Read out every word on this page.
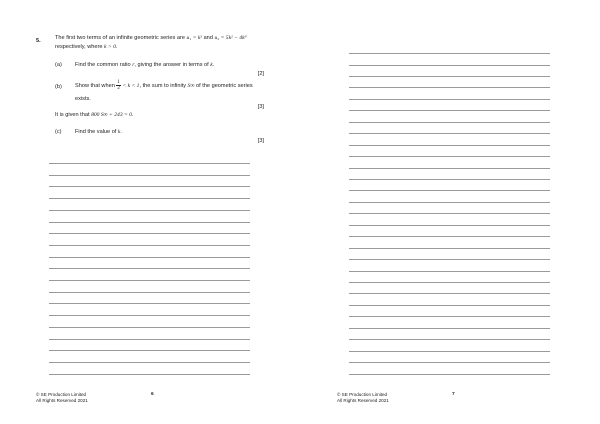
5.	The first two terms of an infinite geometric series are u₁ = k² and u₂ = 5k² − 4k³
respectively, where k > 0.
(a) Find the common ratio r, giving the answer in terms of k.
[2]
(b) Show that when $\frac{1}{2} < k < 1$, the sum to infinity S∞ of the geometric series
exists.
[3]
It is given that 800 S∞ + 243 = 0.
(c) Find the value of k.
[3]
© SE Production Limited
All Rights Reserved 2021
6	© SE Production Limited
All Rights Reserved 2021
7
